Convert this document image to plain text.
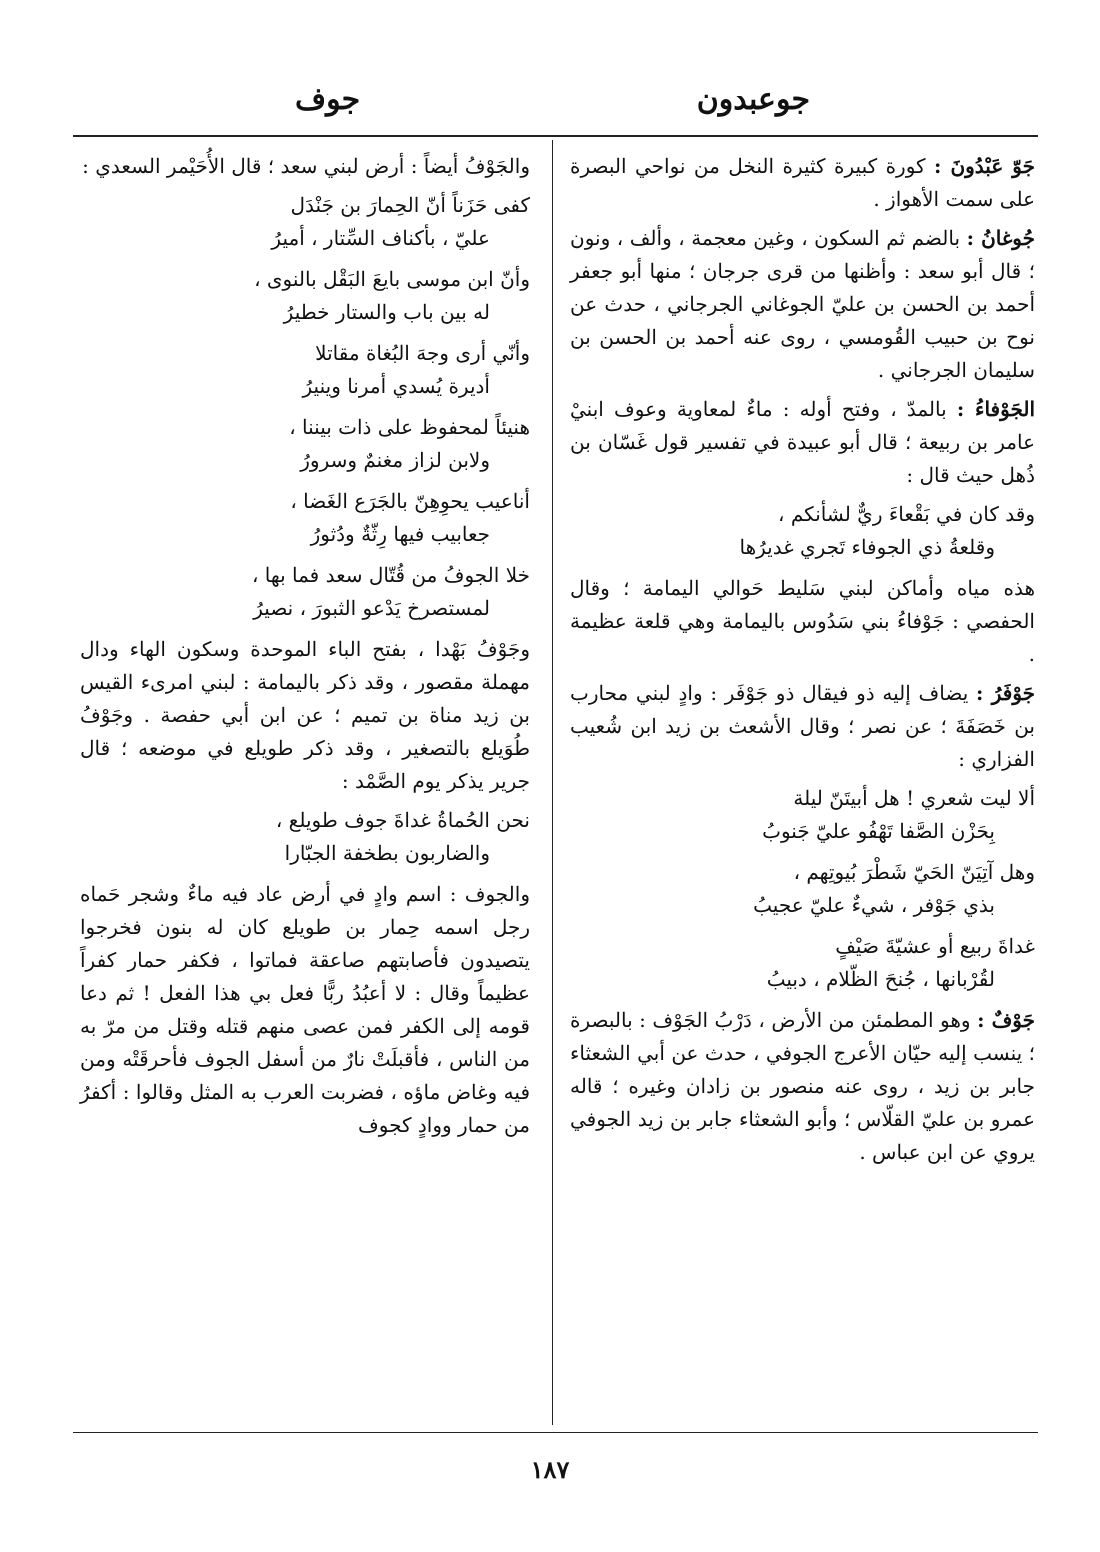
جوعبدون
جوف

جَوّ عَبْدُونَ : كورة كبيرة كثيرة النخل من نواحي البصرة على سمت الأهواز .

جُوغانُ : بالضم ثم السكون ، وغين معجمة ، وألف ، ونون ؛ قال أبو سعد : وأظنها من قرى جرجان ؛ منها أبو جعفر أحمد بن الحسن بن عليّ الجوغاني الجرجاني ، حدث عن نوح بن حبيب القُومسي ، روى عنه أحمد بن الحسن بن سليمان الجرجاني .

الجَوْفاءُ : بالمدّ ، وفتح أوله : ماءٌ لمعاوية وعوف ابنيْ عامر بن ربيعة ؛ قال أبو عبيدة في تفسير قول غَسّان بن ذُهل حيث قال :

وقد كان في بَقْعاءَ ريٌّ لشأنكم ،
وقلعةُ ذي الجوفاء تَجري غديرُها

هذه مياه وأماكن لبني سَليط حَوالي اليمامة ؛ وقال الحفصي : جَوْفاءُ بني سَدُوس باليمامة وهي قلعة عظيمة .

جَوْفَرُ : يضاف إليه ذو فيقال ذو جَوْفَر : وادٍ لبني محارب بن خَصَفَةَ ؛ عن نصر ؛ وقال الأشعث بن زيد ابن شُعيب الفزاري :

ألا ليت شعري ! هل أبيتَنّ ليلة
بِحَزْن الصَّفا تَهْفُو عليّ جَنوبُ
وهل آتِيَنّ الحَيّ شَطْرَ بُيوتِهم ،
بذي جَوْفر ، شيءٌ عليّ عجيبُ
غداةَ ربيع أو عشيّةَ صَيْفٍ
لقُرْبانها ، جُنحَ الظّلام ، دبيبُ

جَوْفٌ : وهو المطمئن من الأرض ، دَرْبُ الجَوْف : بالبصرة ؛ ينسب إليه حيّان الأعرج الجوفي ، حدث عن أبي الشعثاء جابر بن زيد ، روى عنه منصور بن زادان وغيره ؛ قاله عمرو بن عليّ القلّاس ؛ وأبو الشعثاء جابر بن زيد الجوفي يروي عن ابن عباس .

والجَوْفُ أيضاً : أرض لبني سعد ؛ قال الأُحَيْمر السعدي :

كفى حَزَناً أنّ الحِمارَ بن جَنْدَل
عليّ ، بأكناف السِّتار ، أميرُ
وأنّ ابن موسى بايعَ البَقْل بالنوى ،
له بين باب والستار خطيرُ
وأنّي أرى وجهَ البُغاة مقاتلا
أديرة يُسدي أمرنا وينيرُ
هنيئاً لمحفوظ على ذات بيننا ،
ولابن لزاز مغنمٌ وسرورُ
أناعيب يحوِهِنّ بالجَرَع الغَضا ،
جعابيب فيها رِثّةٌ ودُثورُ
خلا الجوفُ من قُتّال سعد فما بها ،
لمستصرخ يَدْعو الثبورَ ، نصيرُ

وجَوْفُ بَهْدا ، بفتح الباء الموحدة وسكون الهاء ودال مهملة مقصور ، وقد ذكر باليمامة : لبني امرىء القيس بن زيد مناة بن تميم ؛ عن ابن أبي حفصة . وجَوْفُ طُوَيلع بالتصغير ، وقد ذكر طويلع في موضعه ؛ قال جرير يذكر يوم الصَّمْد :

نحن الحُماةُ غداةَ جوف طويلع ،
والضاربون بطخفة الجبّارا

والجوف : اسم وادٍ في أرض عاد فيه ماءٌ وشجر حَماه رجل اسمه حِمار بن طويلع كان له بنون فخرجوا يتصيدون فأصابتهم صاعقة فماتوا ، فكفر حمار كفراً عظيماً وقال : لا أعبُدُ ربًّا فعل بي هذا الفعل ! ثم دعا قومه إلى الكفر فمن عصى منهم قتله وقتل من مرّ به من الناس ، فأقبلَتْ نارٌ من أسفل الجوف فأحرقَتْه ومن فيه وغاض ماؤه ، فضربت العرب به المثل وقالوا : أكفرُ من حمار ووادٍ كجوف

١٨٧
